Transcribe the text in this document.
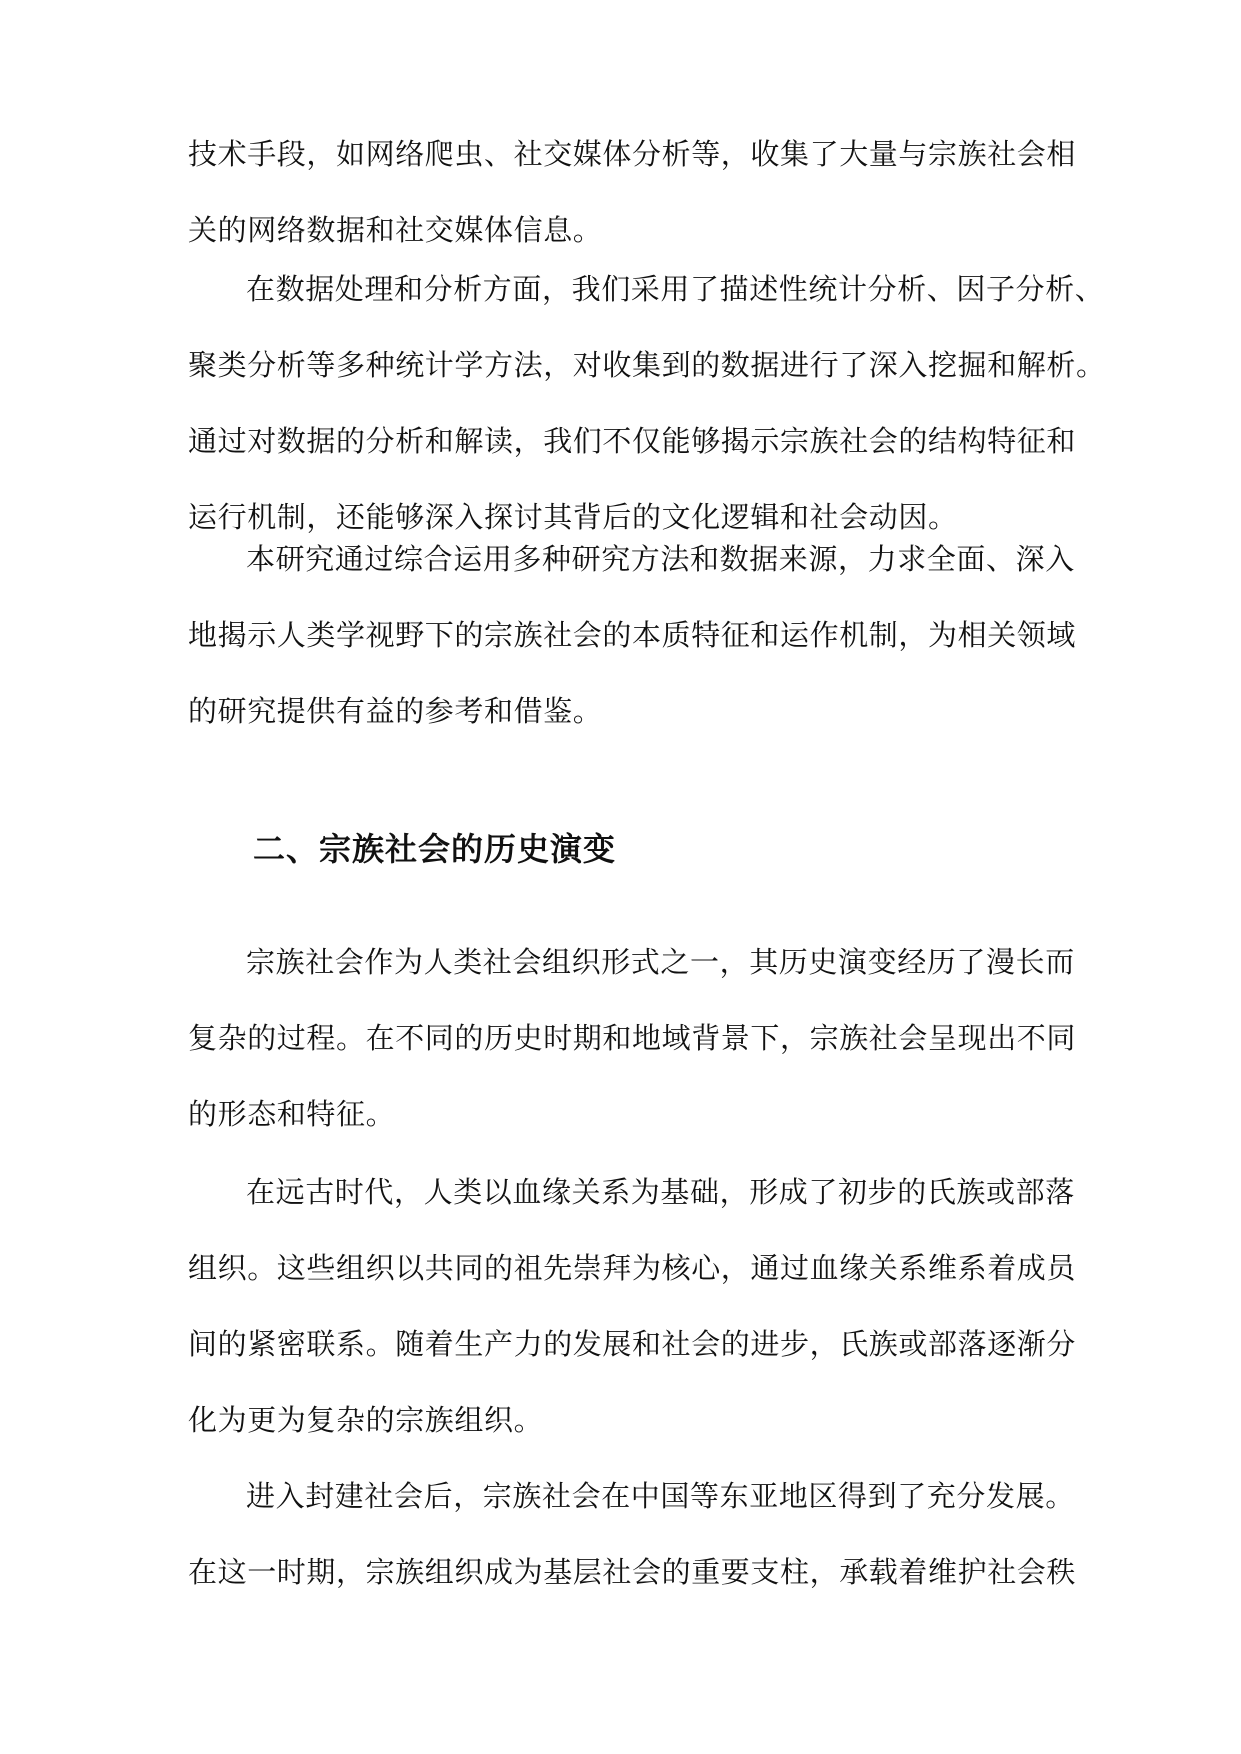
技术手段，如网络爬虫、社交媒体分析等，收集了大量与宗族社会相
关的网络数据和社交媒体信息。
在数据处理和分析方面，我们采用了描述性统计分析、因子分析、
聚类分析等多种统计学方法，对收集到的数据进行了深入挖掘和解析。
通过对数据的分析和解读，我们不仅能够揭示宗族社会的结构特征和
运行机制，还能够深入探讨其背后的文化逻辑和社会动因。
本研究通过综合运用多种研究方法和数据来源，力求全面、深入
地揭示人类学视野下的宗族社会的本质特征和运作机制，为相关领域
的研究提供有益的参考和借鉴。
二、宗族社会的历史演变
宗族社会作为人类社会组织形式之一，其历史演变经历了漫长而
复杂的过程。在不同的历史时期和地域背景下，宗族社会呈现出不同
的形态和特征。
在远古时代，人类以血缘关系为基础，形成了初步的氏族或部落
组织。这些组织以共同的祖先崇拜为核心，通过血缘关系维系着成员
间的紧密联系。随着生产力的发展和社会的进步，氏族或部落逐渐分
化为更为复杂的宗族组织。
进入封建社会后，宗族社会在中国等东亚地区得到了充分发展。
在这一时期，宗族组织成为基层社会的重要支柱，承载着维护社会秩
